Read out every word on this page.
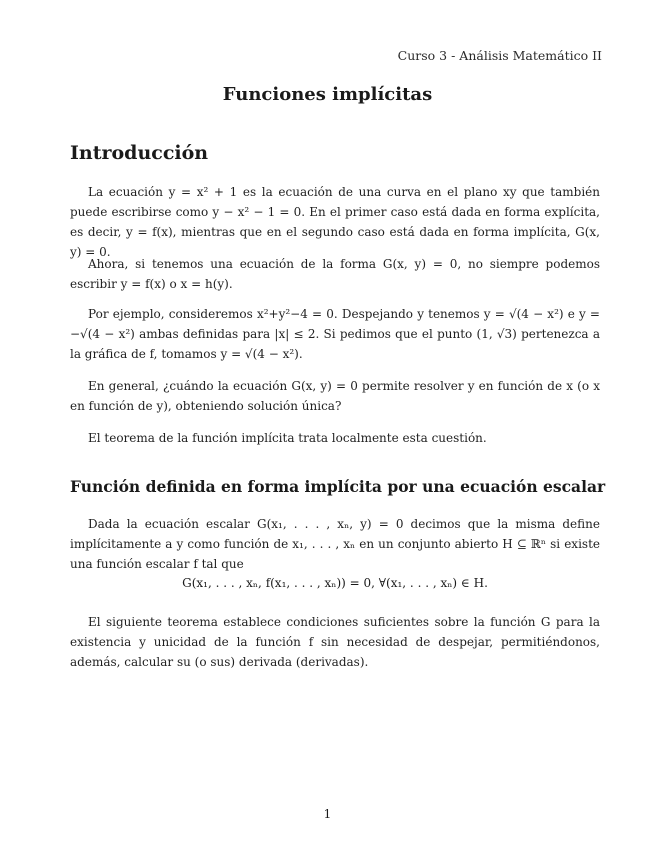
Curso 3 - Análisis Matemático II
Funciones implícitas
Introducción
La ecuación y = x² + 1 es la ecuación de una curva en el plano xy que también puede escribirse como y − x² − 1 = 0. En el primer caso está dada en forma explícita, es decir, y = f(x), mientras que en el segundo caso está dada en forma implícita, G(x, y) = 0.
Ahora, si tenemos una ecuación de la forma G(x, y) = 0, no siempre podemos escribir y = f(x) o x = h(y).
Por ejemplo, consideremos x²+y²−4 = 0. Despejando y tenemos y = √(4 − x²) e y = −√(4 − x²) ambas definidas para |x| ≤ 2. Si pedimos que el punto (1, √3) pertenezca a la gráfica de f, tomamos y = √(4 − x²).
En general, ¿cuándo la ecuación G(x, y) = 0 permite resolver y en función de x (o x en función de y), obteniendo solución única?
El teorema de la función implícita trata localmente esta cuestión.
Función definida en forma implícita por una ecuación escalar
Dada la ecuación escalar G(x₁, . . . , xₙ, y) = 0 decimos que la misma define implícitamente a y como función de x₁, . . . , xₙ en un conjunto abierto H ⊆ ℝⁿ si existe una función escalar f tal que
G(x₁, . . . , xₙ, f(x₁, . . . , xₙ)) = 0, ∀(x₁, . . . , xₙ) ∈ H.
El siguiente teorema establece condiciones suficientes sobre la función G para la existencia y unicidad de la función f sin necesidad de despejar, permitiéndonos, además, calcular su (o sus) derivada (derivadas).
1
